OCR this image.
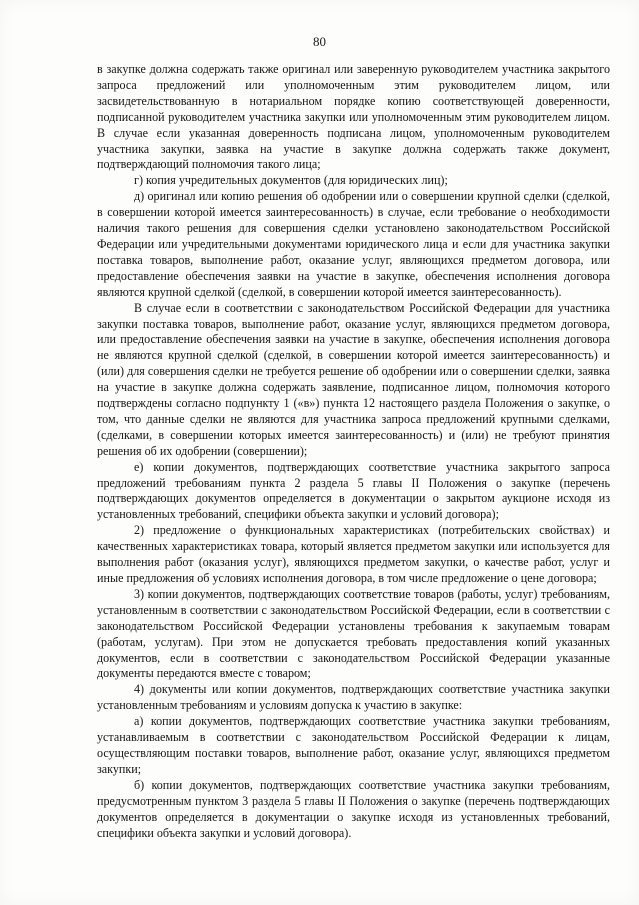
80

в закупке должна содержать также оригинал или заверенную руководителем участника закрытого запроса предложений или уполномоченным этим руководителем лицом, или засвидетельствованную в нотариальном порядке копию соответствующей доверенности, подписанной руководителем участника закупки или уполномоченным этим руководителем лицом. В случае если указанная доверенность подписана лицом, уполномоченным руководителем участника закупки, заявка на участие в закупке должна содержать также документ, подтверждающий полномочия такого лица;

г) копия учредительных документов (для юридических лиц);

д) оригинал или копию решения об одобрении или о совершении крупной сделки (сделкой, в совершении которой имеется заинтересованность) в случае, если требование о необходимости наличия такого решения для совершения сделки установлено законодательством Российской Федерации или учредительными документами юридического лица и если для участника закупки поставка товаров, выполнение работ, оказание услуг, являющихся предметом договора, или предоставление обеспечения заявки на участие в закупке, обеспечения исполнения договора являются крупной сделкой (сделкой, в совершении которой имеется заинтересованность).

В случае если в соответствии с законодательством Российской Федерации для участника закупки поставка товаров, выполнение работ, оказание услуг, являющихся предметом договора, или предоставление обеспечения заявки на участие в закупке, обеспечения исполнения договора не являются крупной сделкой (сделкой, в совершении которой имеется заинтересованность) и (или) для совершения сделки не требуется решение об одобрении или о совершении сделки, заявка на участие в закупке должна содержать заявление, подписанное лицом, полномочия которого подтверждены согласно подпункту 1 («в») пункта 12 настоящего раздела Положения о закупке, о том, что данные сделки не являются для участника запроса предложений крупными сделками, (сделками, в совершении которых имеется заинтересованность) и (или) не требуют принятия решения об их одобрении (совершении);

е) копии документов, подтверждающих соответствие участника закрытого запроса предложений требованиям пункта 2 раздела 5 главы II Положения о закупке (перечень подтверждающих документов определяется в документации о закрытом аукционе исходя из установленных требований, специфики объекта закупки и условий договора);

2) предложение о функциональных характеристиках (потребительских свойствах) и качественных характеристиках товара, который является предметом закупки или используется для выполнения работ (оказания услуг), являющихся предметом закупки, о качестве работ, услуг и иные предложения об условиях исполнения договора, в том числе предложение о цене договора;

3) копии документов, подтверждающих соответствие товаров (работы, услуг) требованиям, установленным в соответствии с законодательством Российской Федерации, если в соответствии с законодательством Российской Федерации установлены требования к закупаемым товарам (работам, услугам). При этом не допускается требовать предоставления копий указанных документов, если в соответствии с законодательством Российской Федерации указанные документы передаются вместе с товаром;

4) документы или копии документов, подтверждающих соответствие участника закупки установленным требованиям и условиям допуска к участию в закупке:

а) копии документов, подтверждающих соответствие участника закупки требованиям, устанавливаемым в соответствии с законодательством Российской Федерации к лицам, осуществляющим поставки товаров, выполнение работ, оказание услуг, являющихся предметом закупки;

б) копии документов, подтверждающих соответствие участника закупки требованиям, предусмотренным пунктом 3 раздела 5 главы II Положения о закупке (перечень подтверждающих документов определяется в документации о закупке исходя из установленных требований, специфики объекта закупки и условий договора).
